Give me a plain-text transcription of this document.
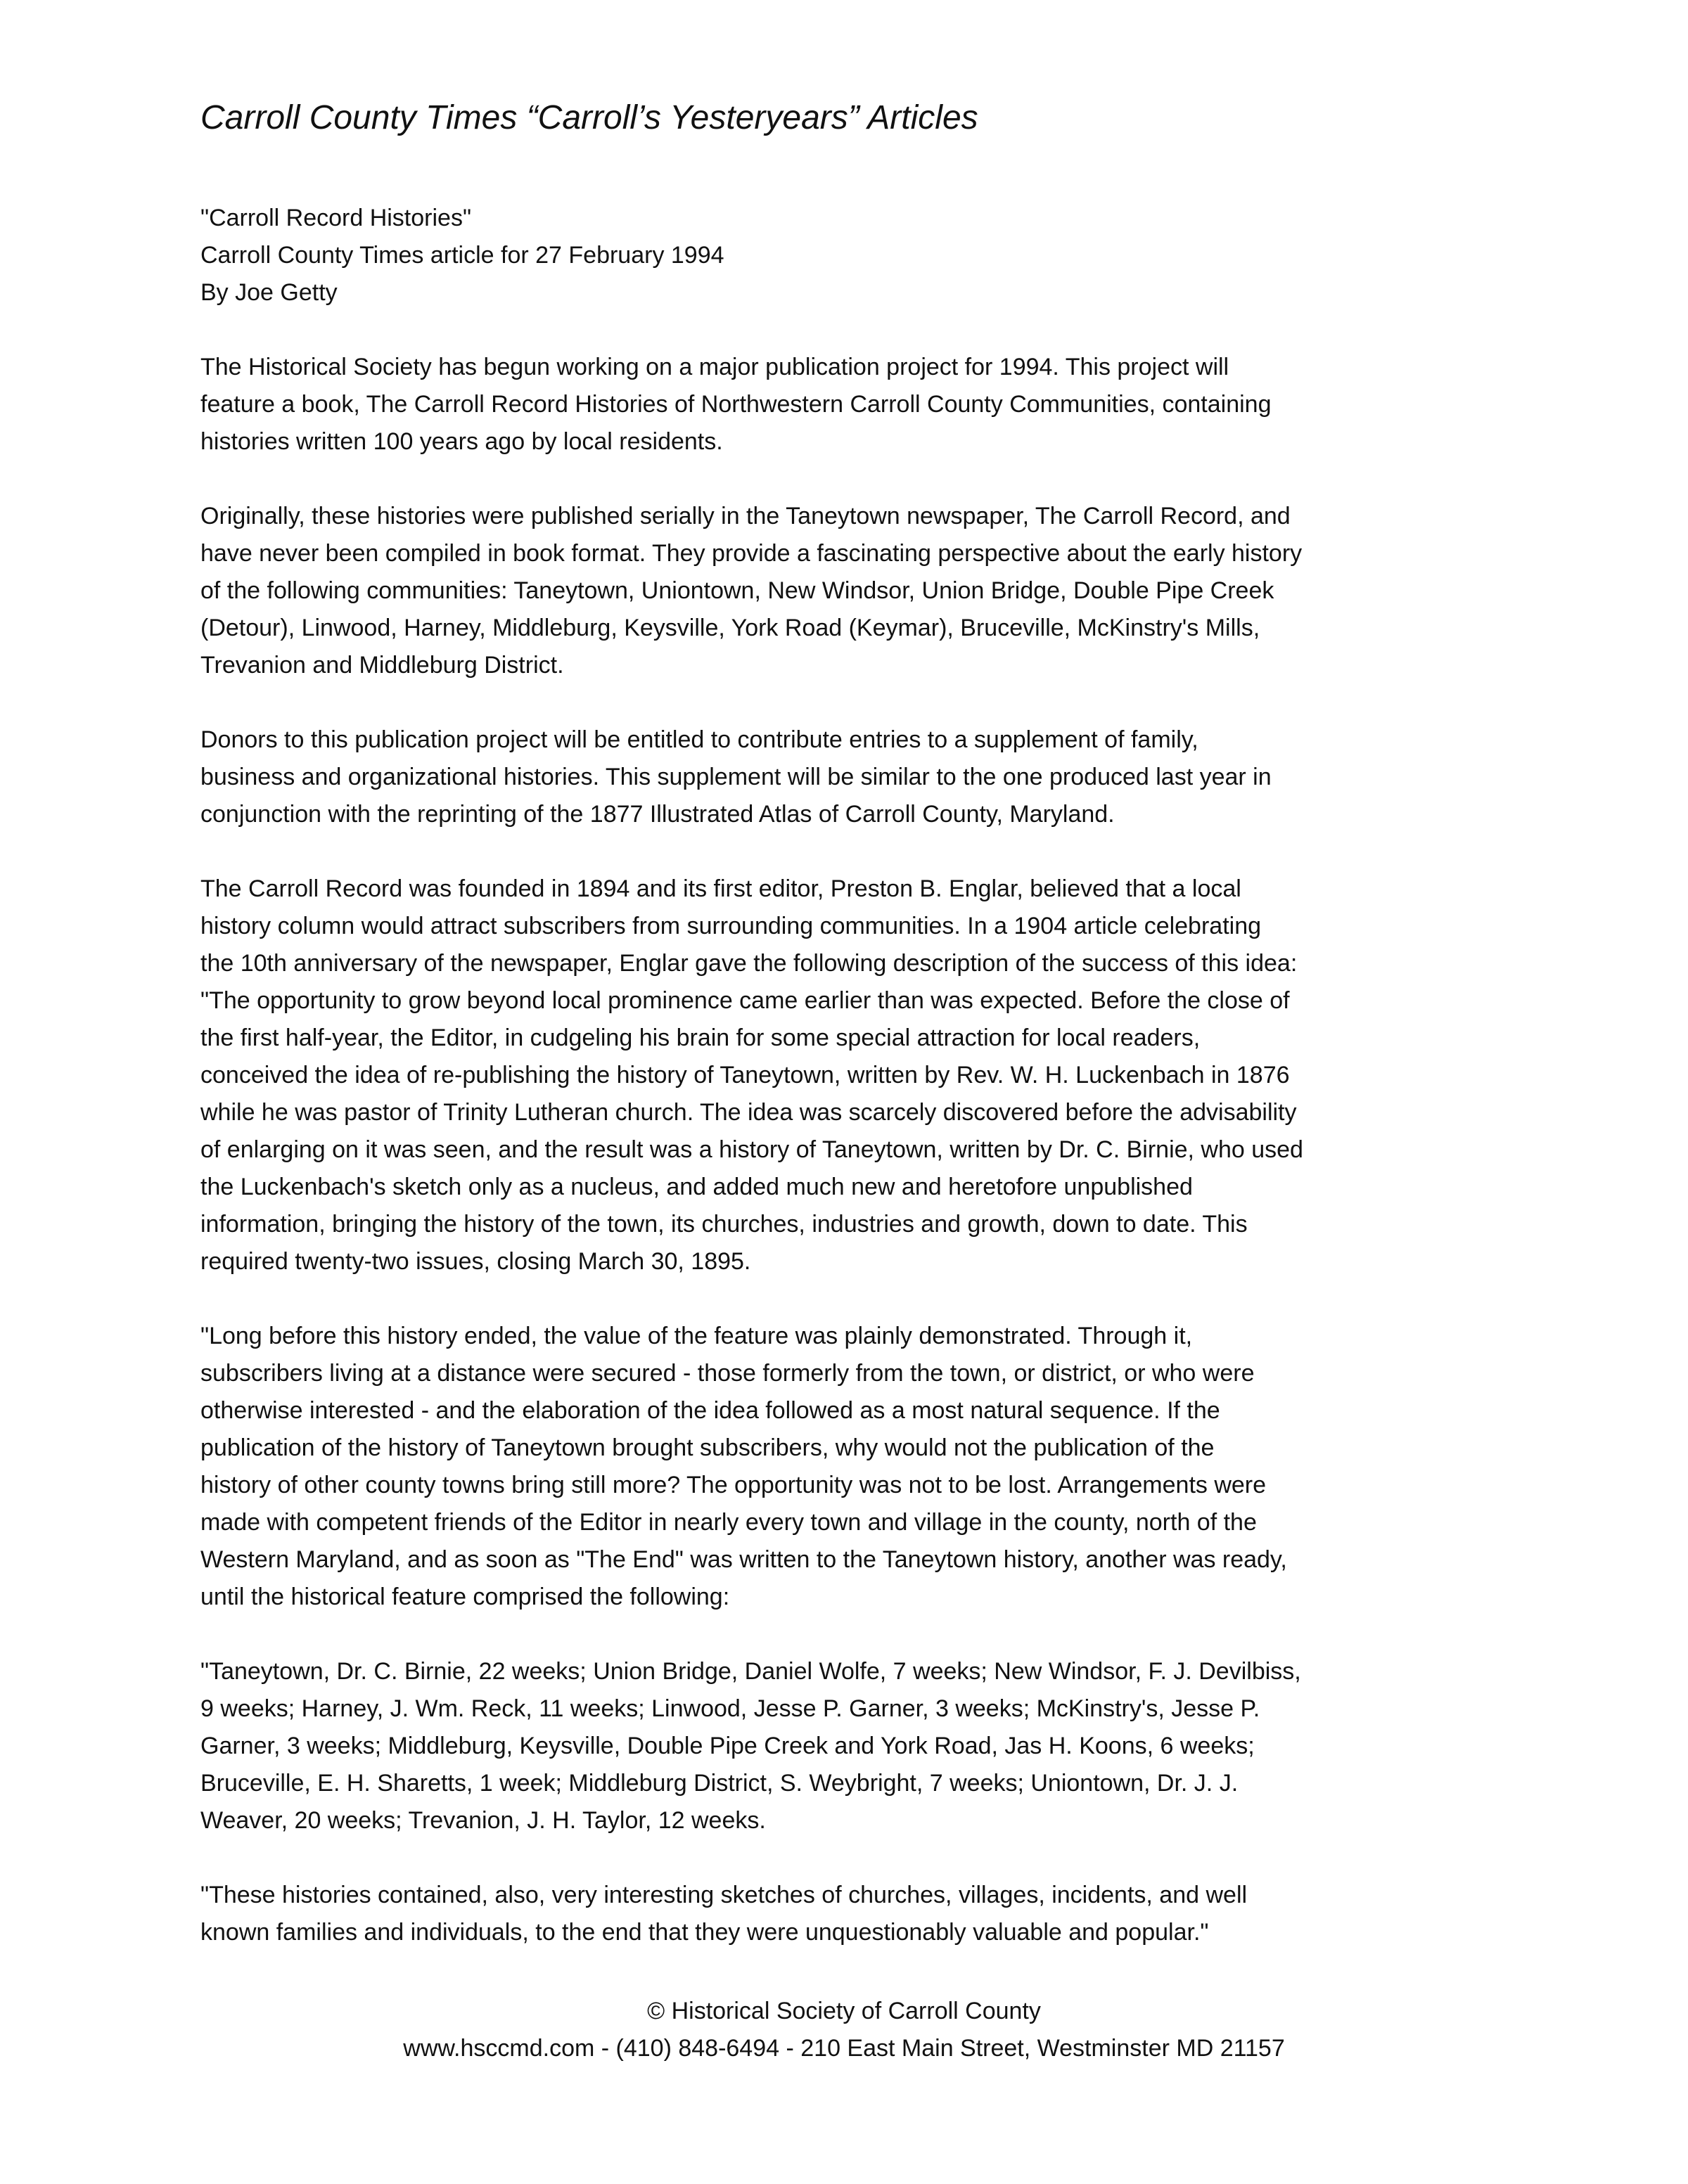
Carroll County Times “Carroll’s Yesteryears” Articles
"Carroll Record Histories"
Carroll County Times article for 27 February 1994
By Joe Getty
The Historical Society has begun working on a major publication project for 1994. This project will
feature a book, The Carroll Record Histories of Northwestern Carroll County Communities, containing
histories written 100 years ago by local residents.
Originally, these histories were published serially in the Taneytown newspaper, The Carroll Record, and
have never been compiled in book format. They provide a fascinating perspective about the early history
of the following communities: Taneytown, Uniontown, New Windsor, Union Bridge, Double Pipe Creek
(Detour), Linwood, Harney, Middleburg, Keysville, York Road (Keymar), Bruceville, McKinstry's Mills,
Trevanion and Middleburg District.
Donors to this publication project will be entitled to contribute entries to a supplement of family,
business and organizational histories. This supplement will be similar to the one produced last year in
conjunction with the reprinting of the 1877 Illustrated Atlas of Carroll County, Maryland.
The Carroll Record was founded in 1894 and its first editor, Preston B. Englar, believed that a local
history column would attract subscribers from surrounding communities. In a 1904 article celebrating
the 10th anniversary of the newspaper, Englar gave the following description of the success of this idea:
"The opportunity to grow beyond local prominence came earlier than was expected. Before the close of
the first half-year, the Editor, in cudgeling his brain for some special attraction for local readers,
conceived the idea of re-publishing the history of Taneytown, written by Rev. W. H. Luckenbach in 1876
while he was pastor of Trinity Lutheran church. The idea was scarcely discovered before the advisability
of enlarging on it was seen, and the result was a history of Taneytown, written by Dr. C. Birnie, who used
the Luckenbach's sketch only as a nucleus, and added much new and heretofore unpublished
information, bringing the history of the town, its churches, industries and growth, down to date. This
required twenty-two issues, closing March 30, 1895.
"Long before this history ended, the value of the feature was plainly demonstrated. Through it,
subscribers living at a distance were secured - those formerly from the town, or district, or who were
otherwise interested - and the elaboration of the idea followed as a most natural sequence. If the
publication of the history of Taneytown brought subscribers, why would not the publication of the
history of other county towns bring still more? The opportunity was not to be lost. Arrangements were
made with competent friends of the Editor in nearly every town and village in the county, north of the
Western Maryland, and as soon as "The End" was written to the Taneytown history, another was ready,
until the historical feature comprised the following:
"Taneytown, Dr. C. Birnie, 22 weeks; Union Bridge, Daniel Wolfe, 7 weeks; New Windsor, F. J. Devilbiss,
9 weeks; Harney, J. Wm. Reck, 11 weeks; Linwood, Jesse P. Garner, 3 weeks; McKinstry's, Jesse P.
Garner, 3 weeks; Middleburg, Keysville, Double Pipe Creek and York Road, Jas H. Koons, 6 weeks;
Bruceville, E. H. Sharetts, 1 week; Middleburg District, S. Weybright, 7 weeks; Uniontown, Dr. J. J.
Weaver, 20 weeks; Trevanion, J. H. Taylor, 12 weeks.
"These histories contained, also, very interesting sketches of churches, villages, incidents, and well
known families and individuals, to the end that they were unquestionably valuable and popular."
© Historical Society of Carroll County
www.hsccmd.com - (410) 848-6494 - 210 East Main Street, Westminster MD 21157
